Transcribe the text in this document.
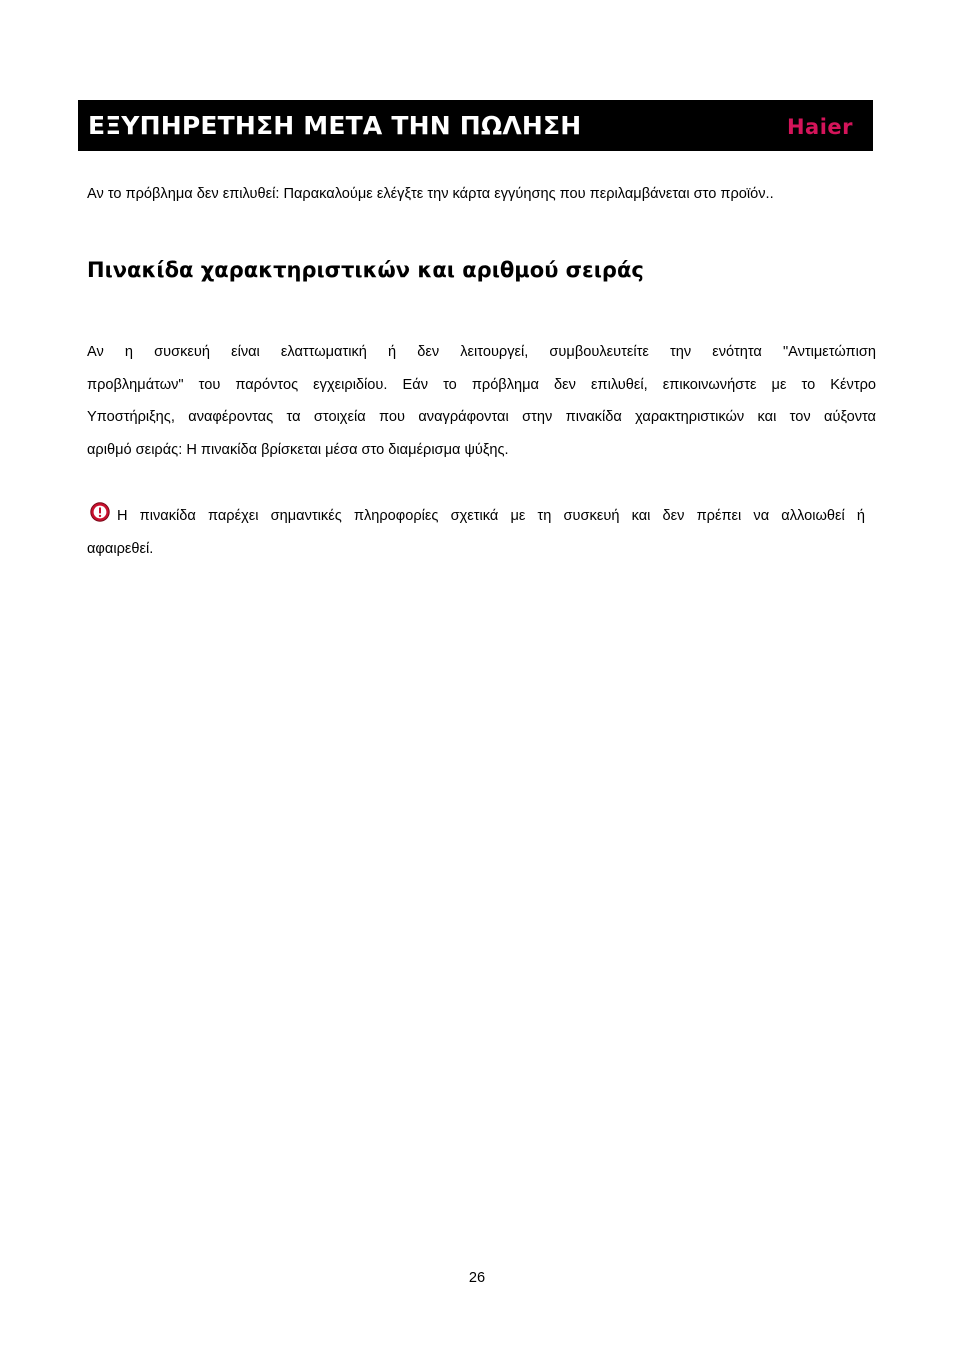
ΕΞΥΠΗΡΕΤΗΣΗ ΜΕΤΑ ΤΗΝ ΠΩΛΗΣΗ	Haier
Αν το πρόβλημα δεν επιλυθεί: Παρακαλούμε ελέγξτε την κάρτα εγγύησης που περιλαμβάνεται στο προϊόν..
Πινακίδα χαρακτηριστικών και αριθμού σειράς
Αν η συσκευή είναι ελαττωματική ή δεν λειτουργεί, συμβουλευτείτε την ενότητα "Αντιμετώπιση
προβλημάτων" του παρόντος εγχειριδίου. Εάν το πρόβλημα δεν επιλυθεί, επικοινωνήστε με το Κέντρο
Υποστήριξης, αναφέροντας τα στοιχεία που αναγράφονται στην πινακίδα χαρακτηριστικών και τον αύξοντα
αριθμό σειράς: Η πινακίδα βρίσκεται μέσα στο διαμέρισμα ψύξης.
Η πινακίδα παρέχει σημαντικές πληροφορίες σχετικά με τη συσκευή και δεν πρέπει να αλλοιωθεί ή
αφαιρεθεί.
26
